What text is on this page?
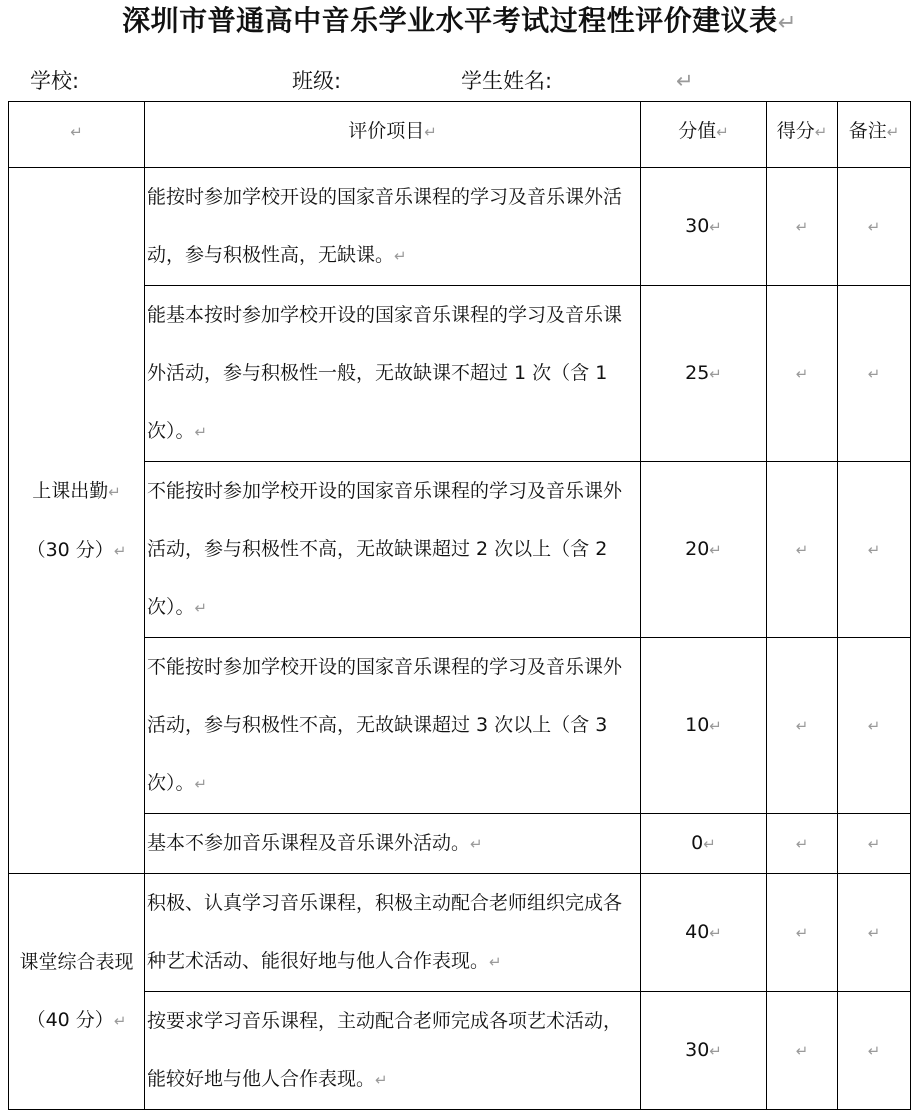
深圳市普通高中音乐学业水平考试过程性评价建议表↵
学校:	班级:	学生姓名:	↵
↵	评价项目↵	分值↵	得分↵	备注↵

上课出勤↵
（30 分）↵	能按时参加学校开设的国家音乐课程的学习及音乐课外活动，参与积极性高，无缺课。↵	30↵	↵	↵

	能基本按时参加学校开设的国家音乐课程的学习及音乐课外活动，参与积极性一般，无故缺课不超过 1 次（含 1 次）。↵	25↵	↵	↵

	不能按时参加学校开设的国家音乐课程的学习及音乐课外活动，参与积极性不高，无故缺课超过 2 次以上（含 2 次）。↵	20↵	↵	↵

	不能按时参加学校开设的国家音乐课程的学习及音乐课外活动，参与积极性不高，无故缺课超过 3 次以上（含 3 次）。↵	10↵	↵	↵

	基本不参加音乐课程及音乐课外活动。↵	0↵	↵	↵

课堂综合表现
（40 分）↵	积极、认真学习音乐课程，积极主动配合老师组织完成各种艺术活动、能很好地与他人合作表现。↵	40↵	↵	↵

	按要求学习音乐课程，主动配合老师完成各项艺术活动，能较好地与他人合作表现。↵	30↵	↵	↵
